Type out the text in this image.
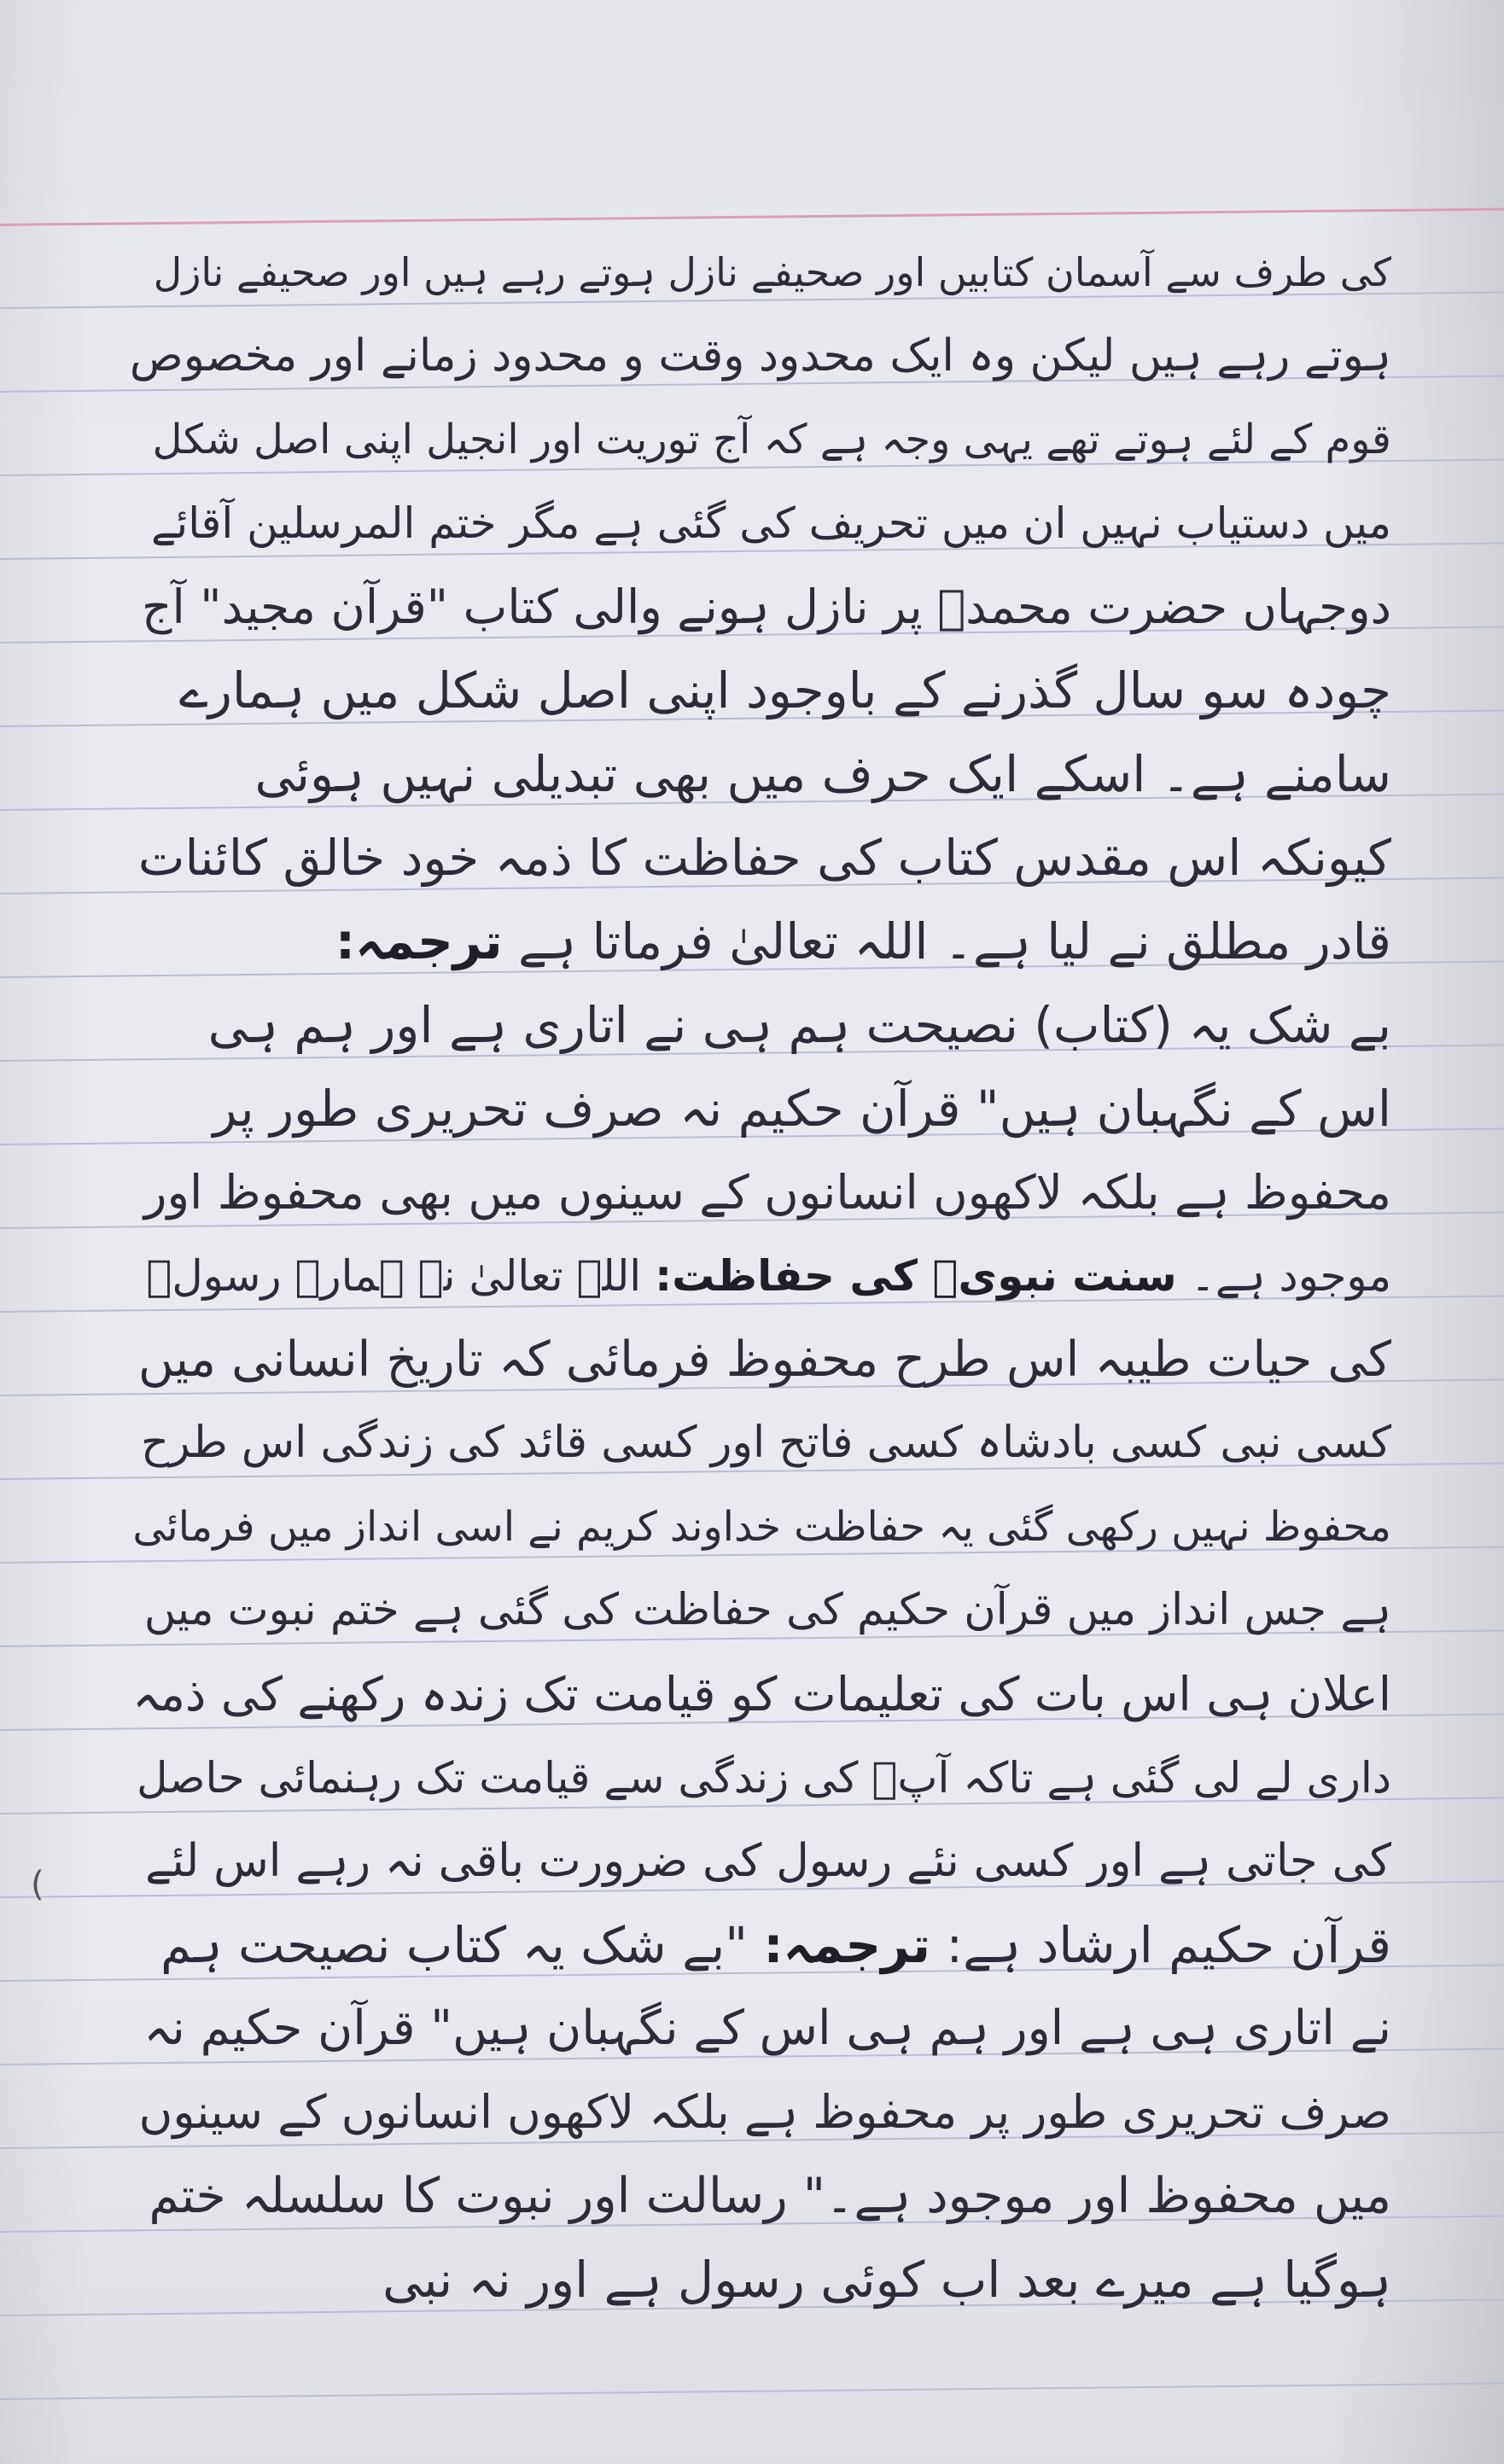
(
کی طرف سے آسمان کتابیں اور صحیفے نازل ہوتے رہے ہیں اور صحیفے نازل
ہوتے رہے ہیں لیکن وہ ایک محدود وقت و محدود زمانے اور مخصوص
قوم کے لئے ہوتے تھے یہی وجہ ہے کہ آج توریت اور انجیل اپنی اصل شکل
میں دستیاب نہیں ان میں تحریف کی گئی ہے مگر ختم المرسلین آقائے
دوجہاں حضرت محمدؐ پر نازل ہونے والی کتاب "قرآن مجید" آج
چودہ سو سال گذرنے کے باوجود اپنی اصل شکل میں ہمارے
سامنے ہے۔ اسکے ایک حرف میں بھی تبدیلی نہیں ہوئی
کیونکہ اس مقدس کتاب کی حفاظت کا ذمہ خود خالق کائنات
قادر مطلق نے لیا ہے۔ اللہ تعالیٰ فرماتا ہے ترجمہ:
بے شک یہ (کتاب) نصیحت ہم ہی نے اتاری ہے اور ہم ہی
اس کے نگہبان ہیں" قرآن حکیم نہ صرف تحریری طور پر
محفوظ ہے بلکہ لاکھوں انسانوں کے سینوں میں بھی محفوظ اور
موجود ہے۔ سنت نبویؐ کی حفاظت: اللہ تعالیٰ نے ہمارے رسولؐ
کی حیات طیبہ اس طرح محفوظ فرمائی کہ تاریخ انسانی میں
کسی نبی کسی بادشاہ کسی فاتح اور کسی قائد کی زندگی اس طرح
محفوظ نہیں رکھی گئی یہ حفاظت خداوند کریم نے اسی انداز میں فرمائی
ہے جس انداز میں قرآن حکیم کی حفاظت کی گئی ہے ختم نبوت میں
اعلان ہی اس بات کی تعلیمات کو قیامت تک زندہ رکھنے کی ذمہ
داری لے لی گئی ہے تاکہ آپؐ کی زندگی سے قیامت تک رہنمائی حاصل
کی جاتی ہے اور کسی نئے رسول کی ضرورت باقی نہ رہے اس لئے
قرآن حکیم ارشاد ہے: ترجمہ: "بے شک یہ کتاب نصیحت ہم
نے اتاری ہی ہے اور ہم ہی اس کے نگہبان ہیں" قرآن حکیم نہ
صرف تحریری طور پر محفوظ ہے بلکہ لاکھوں انسانوں کے سینوں
میں محفوظ اور موجود ہے۔" رسالت اور نبوت کا سلسلہ ختم
ہوگیا ہے میرے بعد اب کوئی رسول ہے اور نہ نبی
